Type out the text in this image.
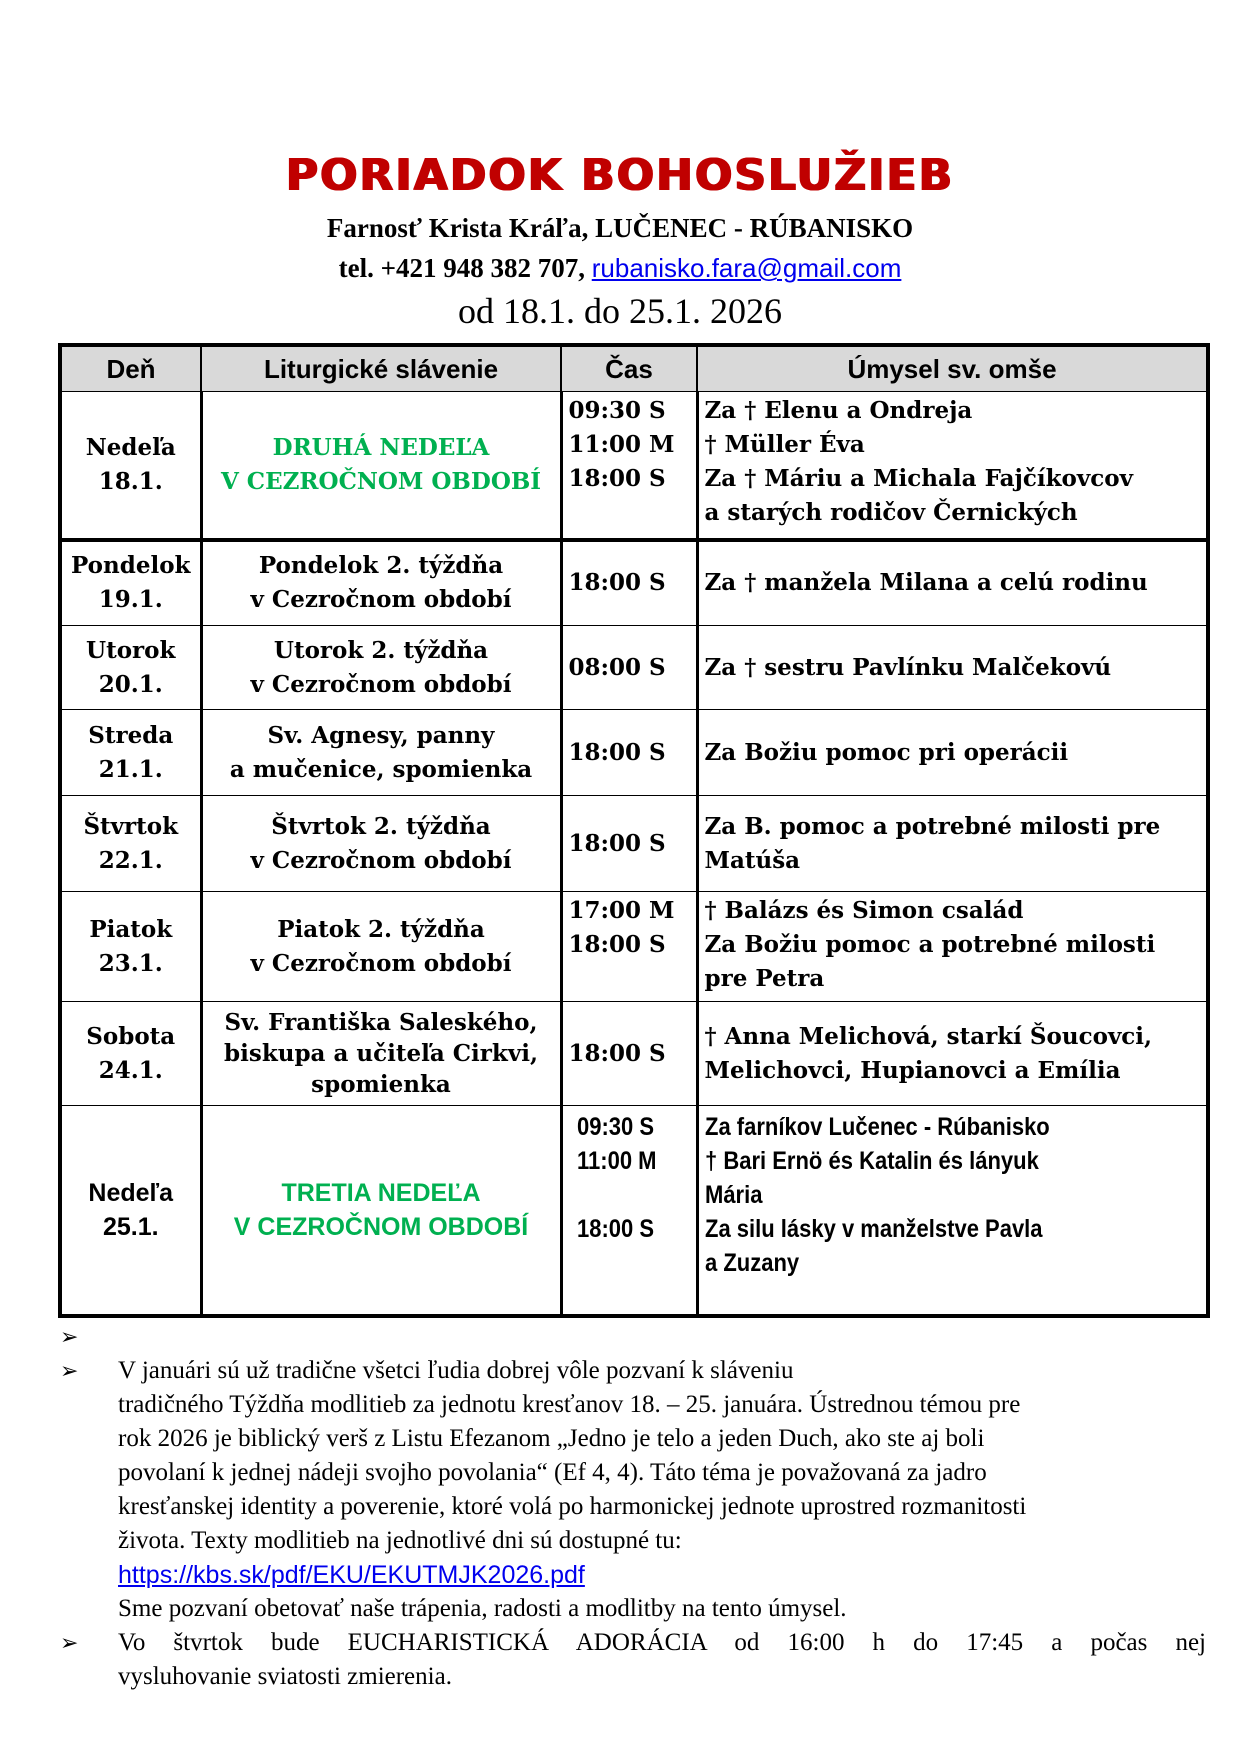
PORIADOK BOHOSLUŽIEB
Farnosť Krista Kráľa, LUČENEC - RÚBANISKO
tel. +421 948 382 707, rubanisko.fara@gmail.com
od 18.1. do 25.1. 2026
Deň	Liturgické slávenie	Čas	Úmysel sv. omše

Nedeľa
18.1.	DRUHÁ NEDEĽA
V CEZROČNOM OBDOBÍ	09:30 S
11:00 M
18:00 S	Za † Elenu a Ondreja
† Müller Éva
Za † Máriu a Michala Fajčíkovcov
a starých rodičov Černických

Pondelok
19.1.	Pondelok 2. týždňa
v Cezročnom období	18:00 S	Za † manžela Milana a celú rodinu

Utorok
20.1.	Utorok 2. týždňa
v Cezročnom období	08:00 S	Za † sestru Pavlínku Malčekovú

Streda
21.1.	Sv. Agnesy, panny
a mučenice, spomienka	18:00 S	Za Božiu pomoc pri operácii

Štvrtok
22.1.	Štvrtok 2. týždňa
v Cezročnom období	18:00 S	Za B. pomoc a potrebné milosti pre
Matúša

Piatok
23.1.	Piatok 2. týždňa
v Cezročnom období	17:00 M
18:00 S	† Balázs és Simon család
Za Božiu pomoc a potrebné milosti
pre Petra

Sobota
24.1.	Sv. Františka Saleského,
biskupa a učiteľa Cirkvi,
spomienka	18:00 S	† Anna Melichová, starkí Šoucovci,
Melichovci, Hupianovci a Emília

Nedeľa
25.1.	TRETIA NEDEĽA
V CEZROČNOM OBDOBÍ	09:30 S
11:00 M
18:00 S	Za farníkov Lučenec - Rúbanisko
† Bari Ernö és Katalin és lányuk
Mária
Za silu lásky v manželstve Pavla
a Zuzany
➢

➢ V januári sú už tradične všetci ľudia dobrej vôle pozvaní k sláveniu
tradičného Týždňa modlitieb za jednotu kresťanov 18. – 25. januára. Ústrednou témou pre
rok 2026 je biblický verš z Listu Efezanom „Jedno je telo a jeden Duch, ako ste aj boli
povolaní k jednej nádeji svojho povolania“ (Ef 4, 4). Táto téma je považovaná za jadro
kresťanskej identity a poverenie, ktoré volá po harmonickej jednote uprostred rozmanitosti
života. Texty modlitieb na jednotlivé dni sú dostupné tu:
https://kbs.sk/pdf/EKU/EKUTMJK2026.pdf
Sme pozvaní obetovať naše trápenia, radosti a modlitby na tento úmysel.
➢ Vo štvrtok bude EUCHARISTICKÁ ADORÁCIA od 16:00 h do 17:45 a počas nej
vysluhovanie sviatosti zmierenia.
